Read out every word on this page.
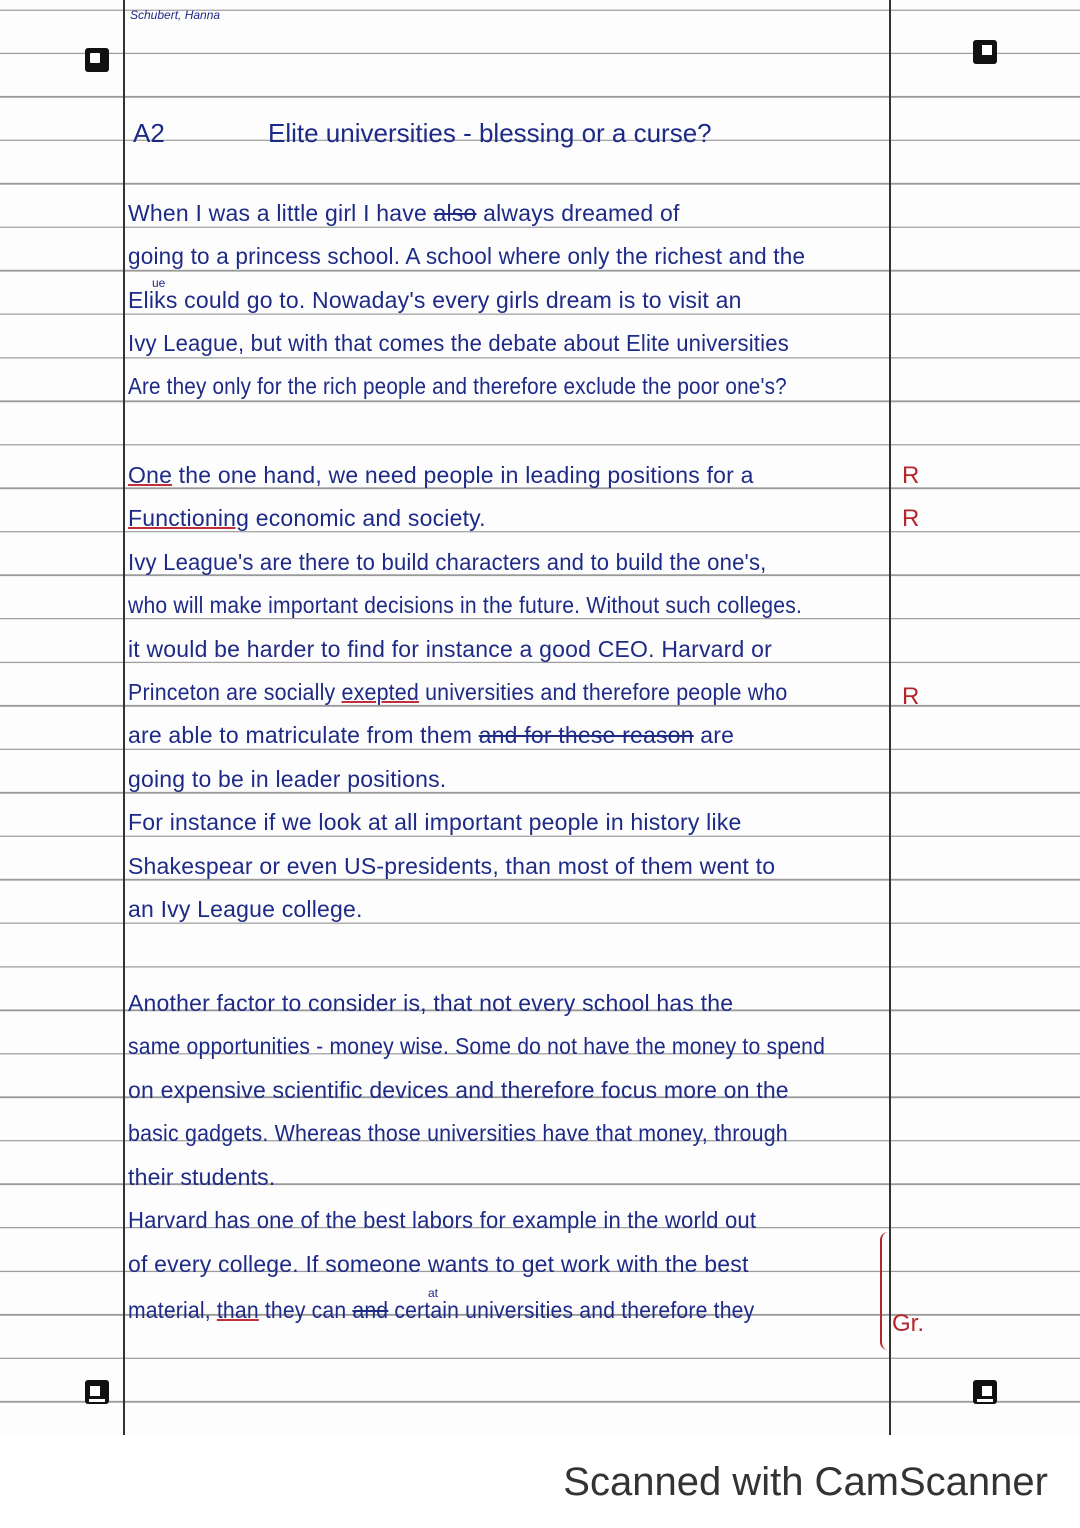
Schubert, Hanna
A2	Elite universities - blessing or a curse?
When I was a little girl I have also always dreamed of
going to a princess school. A school where only the richest and the
ue
Eliks could go to. Nowaday's every girls dream is to visit an
Ivy League, but with that comes the debate about Elite universities
Are they only for the rich people and therefore exclude the poor one's?
One the one hand, we need people in leading positions for a
Functioning economic and society.
Ivy League's are there to build characters and to build the one's,
who will make important decisions in the future. Without such colleges.
it would be harder to find for instance a good CEO. Harvard or
Princeton are socially exepted universities and therefore people who
are able to matriculate from them and for these reason are
going to be in leader positions.
For instance if we look at all important people in history like
Shakespear or even US-presidents, than most of them went to
an Ivy League college.
Another factor to consider is, that not every school has the
same opportunities - money wise. Some do not have the money to spend
on expensive scientific devices and therefore focus more on the
basic gadgets. Whereas those universities have that money, through
their students.
Harvard has one of the best labors for example in the world out
of every college. If someone wants to get work with the best
at
material, than they can and certain universities and therefore they
R
R
R
Gr.
Scanned with CamScanner
